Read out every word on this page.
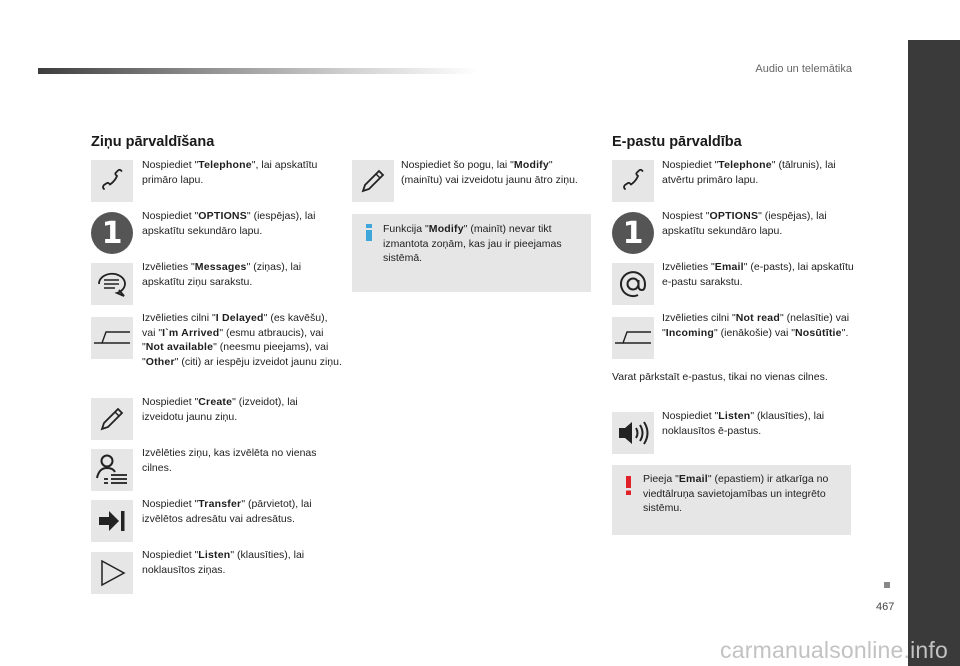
Audio un telemātika
Ziņu pārvaldīšana
Nospiediet "Telephone", lai apskatītu primāro lapu.
1	Nospiediet "OPTIONS" (iespējas), lai apskatītu sekundāro lapu.
Izvēlieties "Messages" (ziņas), lai apskatītu ziņu sarakstu.
Izvēlieties cilni "I Delayed" (es kavēšu), vai "I`m Arrived" (esmu atbraucis), vai "Not available" (neesmu pieejams), vai "Other" (citi) ar iespēju izveidot jaunu ziņu.
Nospiediet "Create" (izveidot), lai izveidotu jaunu ziņu.
Izvēlēties ziņu, kas izvēlēta no vienas cilnes.
Nospiediet "Transfer" (pārvietot), lai izvēlētos adresātu vai adresātus.
Nospiediet "Listen" (klausīties), lai noklausītos ziņas.
Nospiediet šo pogu, lai "Modify" (mainītu) vai izveidotu jaunu ātro ziņu.
Funkcija "Modify" (mainīt) nevar tikt izmantota zoņām, kas jau ir pieejamas sistēmā.
E-pastu pārvaldība
Nospiediet "Telephone" (tālrunis), lai atvērtu primāro lapu.
1	Nospiest "OPTIONS" (iespējas), lai apskatītu sekundāro lapu.
Izvēlieties "Email" (e-pasts), lai apskatītu e-pastu sarakstu.
Izvēlieties cilni "Not read" (nelasītie) vai "Incoming" (ienākošie) vai "Nosūtītie".
Varat pārkstaīt e-pastus, tikai no vienas cilnes.
Nospiediet "Listen" (klausīties), lai noklausītos ē-pastus.
Pieeja "Email" (epastiem) ir atkarīga no viedtālruņa savietojamības un integrēto sistēmu.
467
carmanualsonline.info
